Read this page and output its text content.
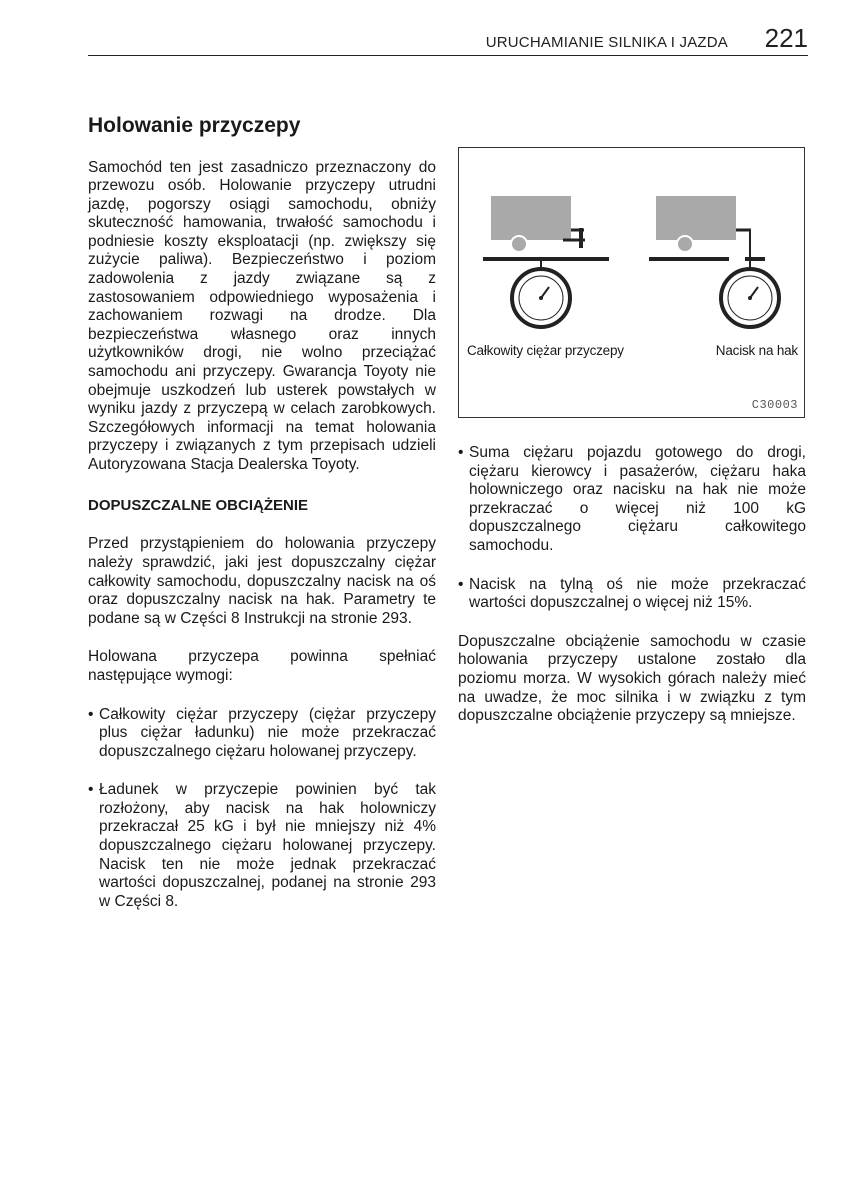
URUCHAMIANIE SILNIKA I JAZDA 221
Holowanie przyczepy

Samochód ten jest zasadniczo przeznaczony do przewozu osób. Holowanie przyczepy utrudni jazdę, pogorszy osiągi samochodu, obniży skuteczność hamowania, trwałość samochodu i podniesie koszty eksploatacji (np. zwiększy się zużycie paliwa). Bezpieczeństwo i poziom zadowolenia z jazdy związane są z zastosowaniem odpowiedniego wyposażenia i zachowaniem rozwagi na drodze. Dla bezpieczeństwa własnego oraz innych użytkowników drogi, nie wolno przeciążać samochodu ani przyczepy. Gwarancja Toyoty nie obejmuje uszkodzeń lub usterek powstałych w wyniku jazdy z przyczepą w celach zarobkowych. Szczegółowych informacji na temat holowania przyczepy i związanych z tym przepisach udzieli Autoryzowana Stacja Dealerska Toyoty.

DOPUSZCZALNE OBCIĄŻENIE

Przed przystąpieniem do holowania przyczepy należy sprawdzić, jaki jest dopuszczalny ciężar całkowity samochodu, dopuszczalny nacisk na oś oraz dopuszczalny nacisk na hak. Parametry te podane są w Części 8 Instrukcji na stronie 293.

Holowana przyczepa powinna spełniać następujące wymogi:

• Całkowity ciężar przyczepy (ciężar przyczepy plus ciężar ładunku) nie może przekraczać dopuszczalnego ciężaru holowanej przyczepy.
• Ładunek w przyczepie powinien być tak rozłożony, aby nacisk na hak holowniczy przekraczał 25 kG i był nie mniejszy niż 4% dopuszczalnego ciężaru holowanej przyczepy. Nacisk ten nie może jednak przekraczać wartości dopuszczalnej, podanej na stronie 293 w Części 8.
Całkowity ciężar przyczepy	Nacisk na hak
C30003
• Suma ciężaru pojazdu gotowego do drogi, ciężaru kierowcy i pasażerów, ciężaru haka holowniczego oraz nacisku na hak nie może przekraczać o więcej niż 100 kG dopuszczalnego ciężaru całkowitego samochodu.
• Nacisk na tylną oś nie może przekraczać wartości dopuszczalnej o więcej niż 15%.

Dopuszczalne obciążenie samochodu w czasie holowania przyczepy ustalone zostało dla poziomu morza. W wysokich górach należy mieć na uwadze, że moc silnika i w związku z tym dopuszczalne obciążenie przyczepy są mniejsze.
